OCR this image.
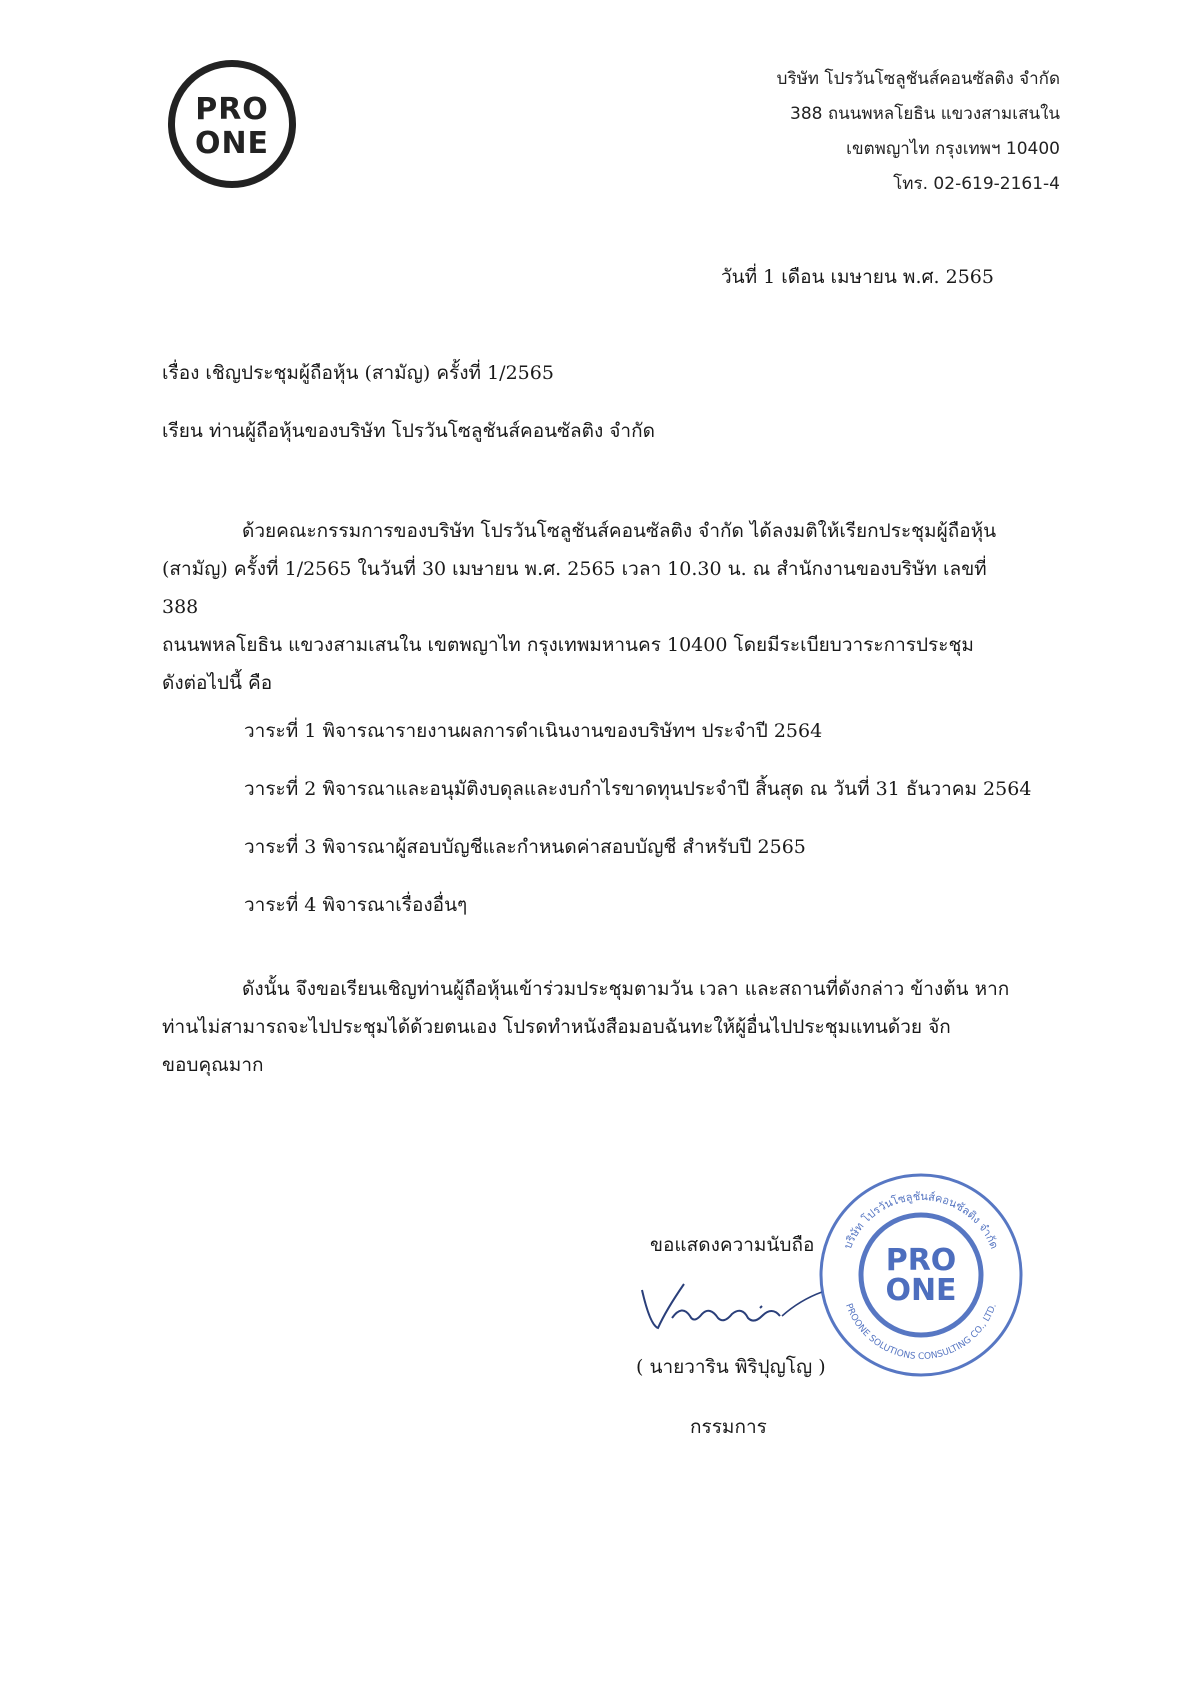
PRO
ONE
บริษัท โปรวันโซลูชันส์คอนซัลติง จำกัด
388 ถนนพหลโยธิน แขวงสามเสนใน
เขตพญาไท กรุงเทพฯ 10400
โทร. 02-619-2161-4
วันที่ 1 เดือน เมษายน พ.ศ. 2565
เรื่อง เชิญประชุมผู้ถือหุ้น (สามัญ) ครั้งที่ 1/2565
เรียน ท่านผู้ถือหุ้นของบริษัท โปรวันโซลูชันส์คอนซัลติง จำกัด
ด้วยคณะกรรมการของบริษัท โปรวันโซลูชันส์คอนซัลติง จำกัด ได้ลงมติให้เรียกประชุมผู้ถือหุ้น
(สามัญ) ครั้งที่ 1/2565 ในวันที่ 30 เมษายน พ.ศ. 2565 เวลา 10.30 น. ณ สำนักงานของบริษัท เลขที่ 388
ถนนพหลโยธิน แขวงสามเสนใน เขตพญาไท กรุงเทพมหานคร 10400 โดยมีระเบียบวาระการประชุม
ดังต่อไปนี้ คือ
วาระที่ 1 พิจารณารายงานผลการดำเนินงานของบริษัทฯ ประจำปี 2564
วาระที่ 2 พิจารณาและอนุมัติงบดุลและงบกำไรขาดทุนประจำปี สิ้นสุด ณ วันที่ 31 ธันวาคม 2564
วาระที่ 3 พิจารณาผู้สอบบัญชีและกำหนดค่าสอบบัญชี สำหรับปี 2565
วาระที่ 4 พิจารณาเรื่องอื่นๆ
ดังนั้น จึงขอเรียนเชิญท่านผู้ถือหุ้นเข้าร่วมประชุมตามวัน เวลา และสถานที่ดังกล่าว ข้างต้น หาก
ท่านไม่สามารถจะไปประชุมได้ด้วยตนเอง โปรดทำหนังสือมอบฉันทะให้ผู้อื่นไปประชุมแทนด้วย จัก
ขอบคุณมาก
ขอแสดงความนับถือ
( นายวาริน พิริปุญโญ )
กรรมการ
บริษัท โปรวันโซลูชันส์คอนซัลติง จำกัด
PROONE SOLUTIONS CONSULTING CO., LTD.
PRO
ONE
